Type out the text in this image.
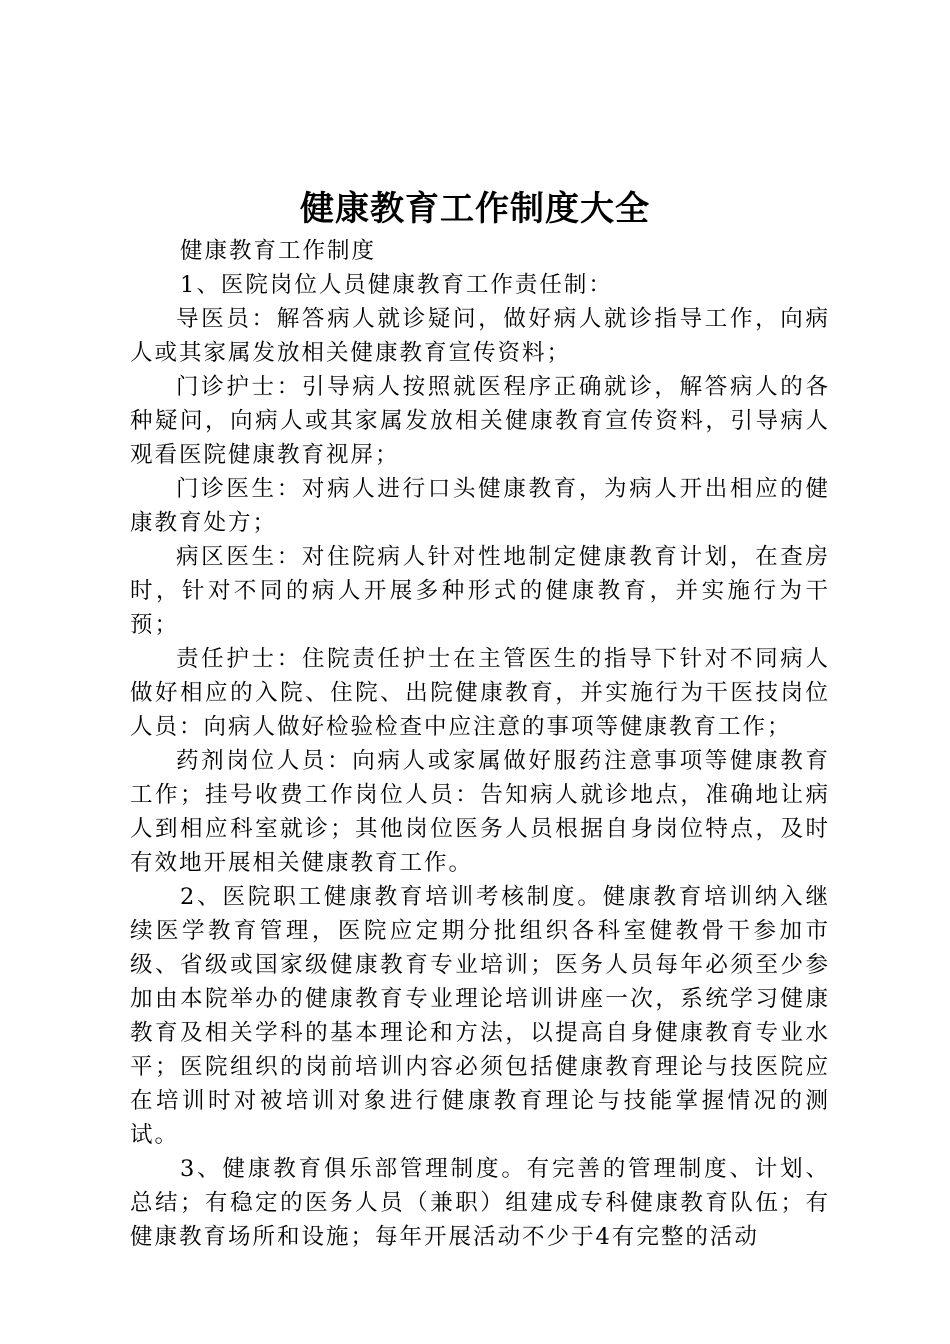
健康教育工作制度大全

健康教育工作制度

1、医院岗位人员健康教育工作责任制：

导医员：解答病人就诊疑问，做好病人就诊指导工作，向病人或其家属发放相关健康教育宣传资料；

门诊护士：引导病人按照就医程序正确就诊，解答病人的各种疑问，向病人或其家属发放相关健康教育宣传资料，引导病人观看医院健康教育视屏；

门诊医生：对病人进行口头健康教育，为病人开出相应的健康教育处方；

病区医生：对住院病人针对性地制定健康教育计划，在查房时，针对不同的病人开展多种形式的健康教育，并实施行为干预；

责任护士：住院责任护士在主管医生的指导下针对不同病人做好相应的入院、住院、出院健康教育，并实施行为干医技岗位人员：向病人做好检验检查中应注意的事项等健康教育工作；

药剂岗位人员：向病人或家属做好服药注意事项等健康教育工作；挂号收费工作岗位人员：告知病人就诊地点，准确地让病人到相应科室就诊；其他岗位医务人员根据自身岗位特点，及时有效地开展相关健康教育工作。

2、医院职工健康教育培训考核制度。健康教育培训纳入继续医学教育管理，医院应定期分批组织各科室健教骨干参加市级、省级或国家级健康教育专业培训；医务人员每年必须至少参加由本院举办的健康教育专业理论培训讲座一次，系统学习健康教育及相关学科的基本理论和方法，以提高自身健康教育专业水平；医院组织的岗前培训内容必须包括健康教育理论与技医院应在培训时对被培训对象进行健康教育理论与技能掌握情况的测试。

3、健康教育俱乐部管理制度。有完善的管理制度、计划、总结；有稳定的医务人员（兼职）组建成专科健康教育队伍；有健康教育场所和设施；每年开展活动不少于4有完整的活动
